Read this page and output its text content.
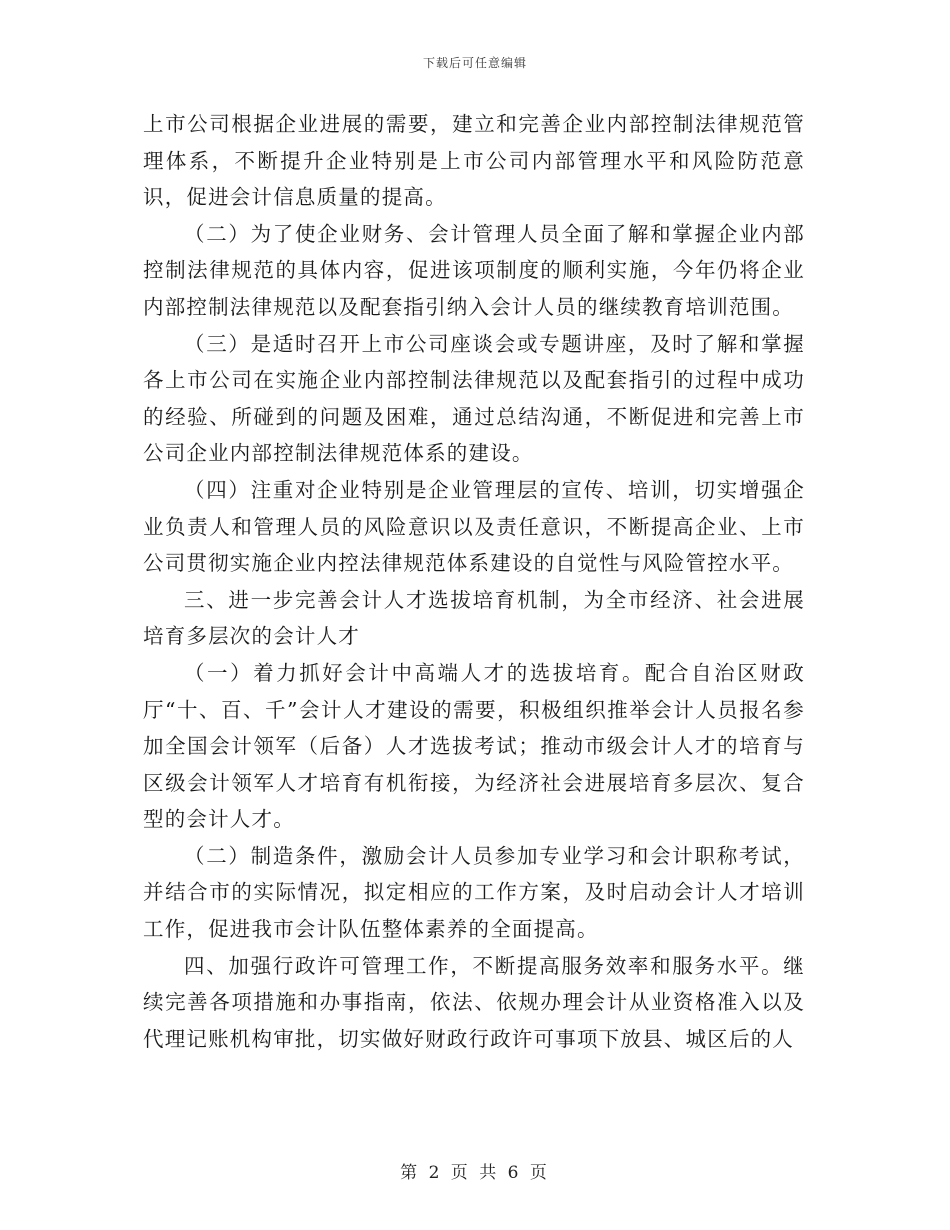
下载后可任意编辑

上市公司根据企业进展的需要，建立和完善企业内部控制法律规范管理体系，不断提升企业特别是上市公司内部管理水平和风险防范意识，促进会计信息质量的提高。

（二）为了使企业财务、会计管理人员全面了解和掌握企业内部控制法律规范的具体内容，促进该项制度的顺利实施，今年仍将企业内部控制法律规范以及配套指引纳入会计人员的继续教育培训范围。

（三）是适时召开上市公司座谈会或专题讲座，及时了解和掌握各上市公司在实施企业内部控制法律规范以及配套指引的过程中成功的经验、所碰到的问题及困难，通过总结沟通，不断促进和完善上市公司企业内部控制法律规范体系的建设。

（四）注重对企业特别是企业管理层的宣传、培训，切实增强企业负责人和管理人员的风险意识以及责任意识，不断提高企业、上市公司贯彻实施企业内控法律规范体系建设的自觉性与风险管控水平。

三、进一步完善会计人才选拔培育机制，为全市经济、社会进展培育多层次的会计人才

（一）着力抓好会计中高端人才的选拔培育。配合自治区财政厅“十、百、千”会计人才建设的需要，积极组织推举会计人员报名参加全国会计领军（后备）人才选拔考试；推动市级会计人才的培育与区级会计领军人才培育有机衔接，为经济社会进展培育多层次、复合型的会计人才。

（二）制造条件，激励会计人员参加专业学习和会计职称考试，并结合市的实际情况，拟定相应的工作方案，及时启动会计人才培训工作，促进我市会计队伍整体素养的全面提高。

四、加强行政许可管理工作，不断提高服务效率和服务水平。继续完善各项措施和办事指南，依法、依规办理会计从业资格准入以及代理记账机构审批，切实做好财政行政许可事项下放县、城区后的人

第 2 页 共 6 页
